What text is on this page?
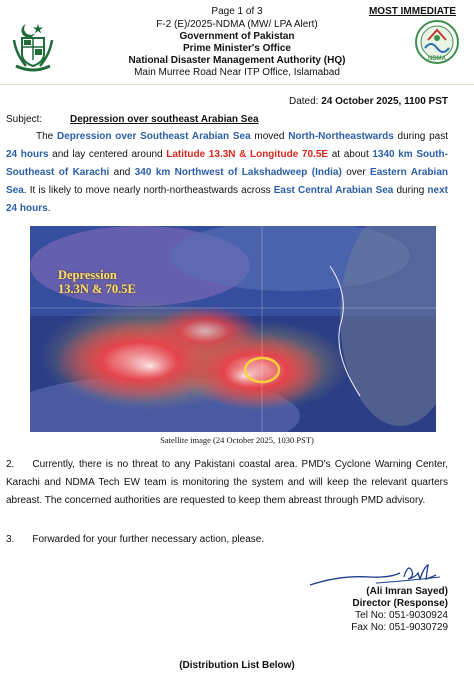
Page 1 of 3
F-2 (E)/2025-NDMA (MW/ LPA Alert)
Government of Pakistan
Prime Minister's Office
National Disaster Management Authority (HQ)
Main Murree Road Near ITP Office, Islamabad
MOST IMMEDIATE
NDMA
Dated: 24 October 2025, 1100 PST
Subject:	Depression over southeast Arabian Sea
The Depression over Southeast Arabian Sea moved North-Northeastwards during past 24 hours and lay centered around Latitude 13.3N & Longitude 70.5E at about 1340 km South-Southeast of Karachi and 340 km Northwest of Lakshadweep (India) over Eastern Arabian Sea. It is likely to move nearly north-northeastwards across East Central Arabian Sea during next 24 hours.
Depression
13.3N & 70.5E
Satellite image (24 October 2025, 1030 PST)
2. Currently, there is no threat to any Pakistani coastal area. PMD's Cyclone Warning Center, Karachi and NDMA Tech EW team is monitoring the system and will keep the relevant quarters abreast. The concerned authorities are requested to keep them abreast through PMD advisory.
3. Forwarded for your further necessary action, please.
(Ali Imran Sayed)
Director (Response)
Tel No: 051-9030924
Fax No: 051-9030729
(Distribution List Below)
